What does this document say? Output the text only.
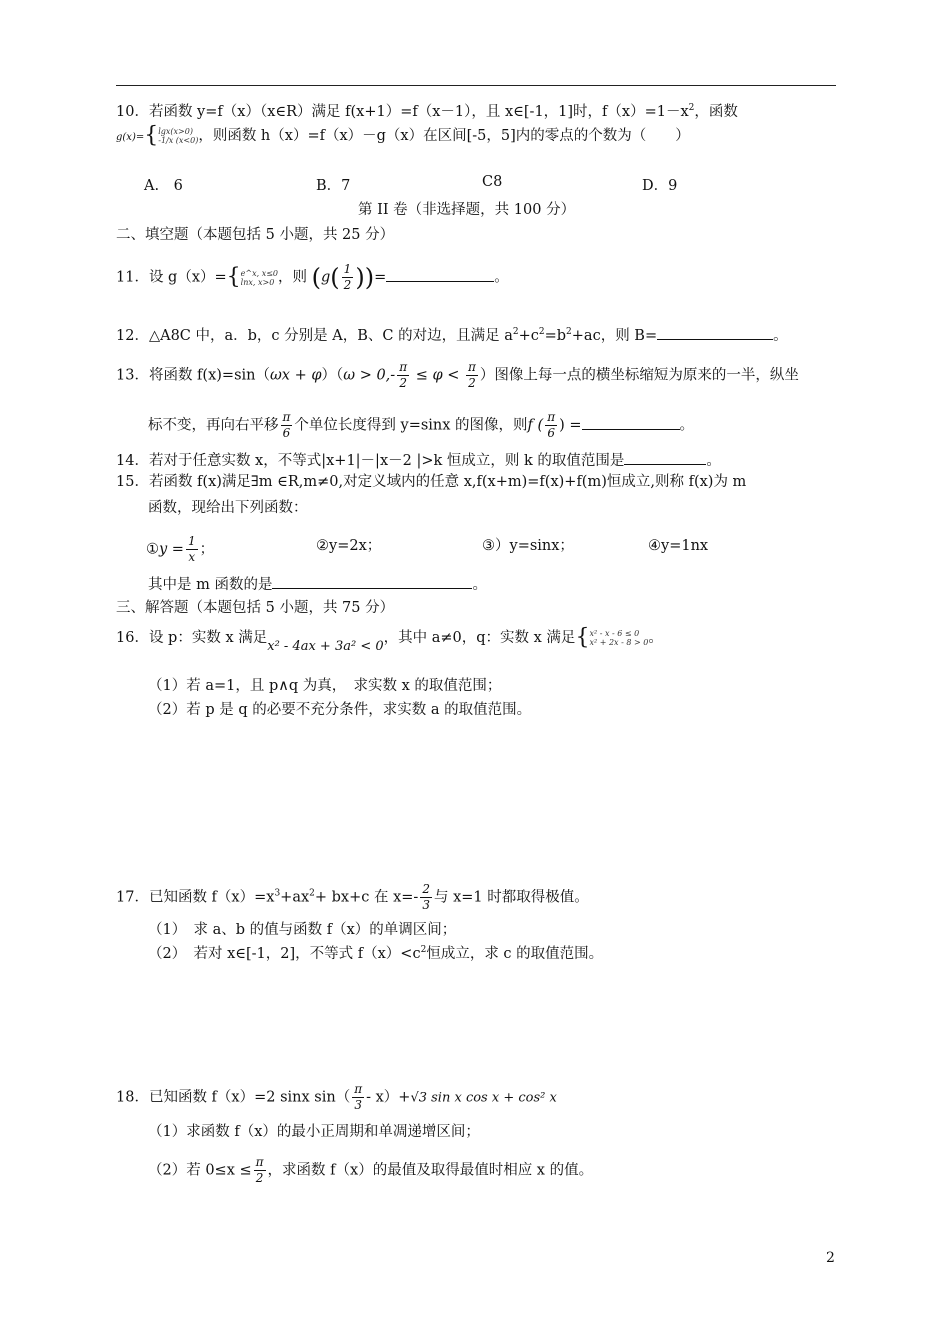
10．若函数 y=f（x）（x∈R）满足 f(x+1）=f（x－1），且 x∈[-1，1]时，$f(x)=1-x^2$，函数
g(x)={lgx(x>0)
-1/x (x<0)，则函数 h（x）=f（x）－g（x）在区间[-5，5]内的零点的个数为（　　）
A.　6	B．7	C8	D．9
第 II 卷（非选择题，共 100 分）
二、填空题（本题包括 5 小题，共 25 分）
11．设 g（x）={e^x, x≤0
lnx, x>0 ，则 ($g( \frac{1}{2}$ ))=	。
12．△A8C 中，a．b，c 分别是 A，B、C 的对边，且满足 $a^2+c^2=b^2+ac$，则 B=	。
13．将函数 $f(x)=\sin(\omega x + \varphi)(\omega > 0,- \frac{\pi}{2} \le \varphi < \frac{\pi}{2}$ ）图像上每一点的横坐标缩短为原来的一半，纵坐
标不变，再向右平移 $\frac{\pi}{6}$ 个单位长度得到 y=sinx 的图像，则f ( $\frac{\pi}{6}$ ) =	。
14．若对于任意实数 x，不等式|x+1|－|x－2 |>k 恒成立，则 k 的取值范围是	。
15．若函数 f(x)满足∃m ∈R,m≠0,对定义域内的任意 x,f(x+m)=f(x)+f(m)恒成立,则称 f(x)为 m
函数，现给出下列函数：
①y = $\frac{1}{x}$ ；	②y=2x；	③）y=sinx；	④y=1nx
其中是 m 函数的是	。
三、解答题（本题包括 5 小题，共 75 分）
16．设 p：实数 x 满足x² - 4ax + 3a² < 0，其中 a≠0，q：实数 x 满足{x² - x - 6 ≤ 0
x² + 2x - 8 > 0。
（1）若 a=1，且 p∧q 为真，　求实数 x 的取值范围；
（2）若 p 是 q 的必要不充分条件，求实数 a 的取值范围。
17．已知函数 $f(x)=x^3+ax^2+ bx+c$ 在 $x=- \frac{2}{3}$ 与 x=1 时都取得极值。
（1）　求 a、b 的值与函数 f（x）的单调区间；
（2）　若对 x∈[-1，2]，不等式 $f(x)<c^2$恒成立，求 c 的取值范围。
18．已知函数 f（x）=2 sinx $\sin( \frac{\pi}{3} - x)+√3$ sin x cos x + cos² x
（1）求函数 f（x）的最小正周期和单凋递增区间；
（2）若 $0\le x \le \frac{\pi}{2}$ ，求函数 f（x）的最值及取得最值时相应 x 的值。
2
